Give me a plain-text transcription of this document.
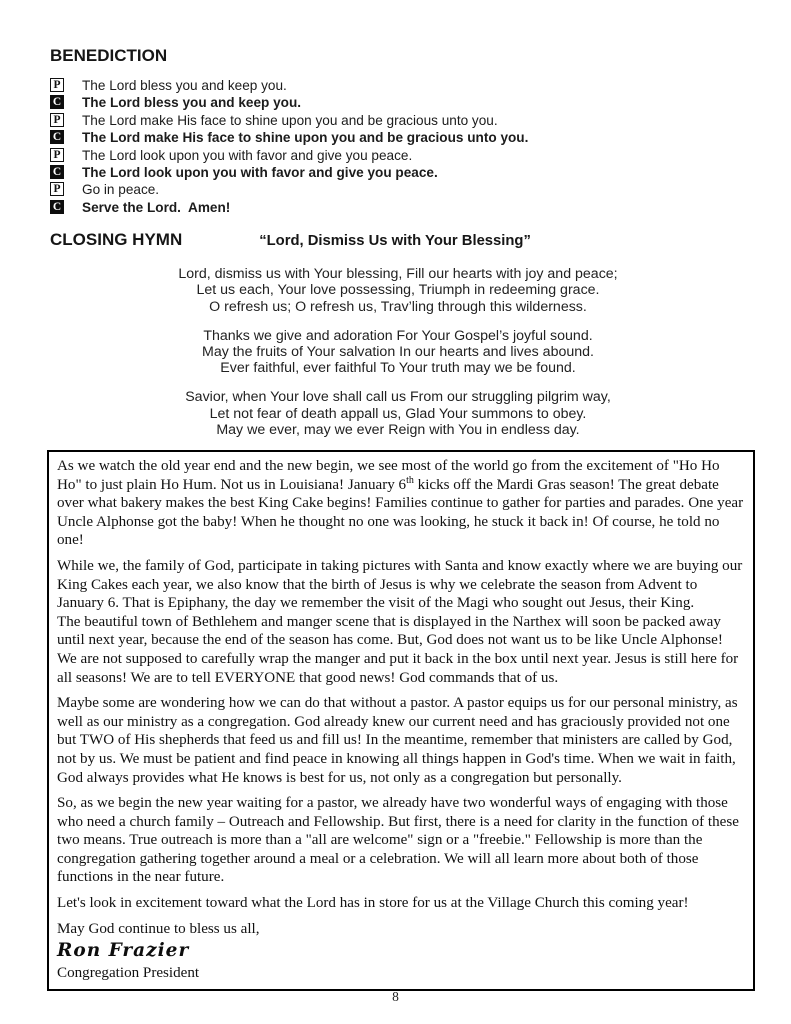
BENEDICTION
P The Lord bless you and keep you.
C The Lord bless you and keep you.
P The Lord make His face to shine upon you and be gracious unto you.
C The Lord make His face to shine upon you and be gracious unto you.
P The Lord look upon you with favor and give you peace.
C The Lord look upon you with favor and give you peace.
P Go in peace.
C Serve the Lord.  Amen!
CLOSING HYMN	“Lord, Dismiss Us with Your Blessing”
Lord, dismiss us with Your blessing, Fill our hearts with joy and peace;
Let us each, Your love possessing, Triumph in redeeming grace.
O refresh us; O refresh us, Trav’ling through this wilderness.
Thanks we give and adoration For Your Gospel’s joyful sound.
May the fruits of Your salvation In our hearts and lives abound.
Ever faithful, ever faithful To Your truth may we be found.
Savior, when Your love shall call us From our struggling pilgrim way,
Let not fear of death appall us, Glad Your summons to obey.
May we ever, may we ever Reign with You in endless day.

As we watch the old year end and the new begin, we see most of the world go from the excitement of "Ho Ho Ho" to just plain Ho Hum. Not us in Louisiana! January 6th kicks off the Mardi Gras season! The great debate over what bakery makes the best King Cake begins! Families continue to gather for parties and parades. One year Uncle Alphonse got the baby! When he thought no one was looking, he stuck it back in! Of course, he told no one!

While we, the family of God, participate in taking pictures with Santa and know exactly where we are buying our King Cakes each year, we also know that the birth of Jesus is why we celebrate the season from Advent to January 6. That is Epiphany, the day we remember the visit of the Magi who sought out Jesus, their King.
The beautiful town of Bethlehem and manger scene that is displayed in the Narthex will soon be packed away until next year, because the end of the season has come. But, God does not want us to be like Uncle Alphonse! We are not supposed to carefully wrap the manger and put it back in the box until next year. Jesus is still here for all seasons! We are to tell EVERYONE that good news! God commands that of us.

Maybe some are wondering how we can do that without a pastor. A pastor equips us for our personal ministry, as well as our ministry as a congregation. God already knew our current need and has graciously provided not one but TWO of His shepherds that feed us and fill us! In the meantime, remember that ministers are called by God, not by us. We must be patient and find peace in knowing all things happen in God's time. When we wait in faith, God always provides what He knows is best for us, not only as a congregation but personally.

So, as we begin the new year waiting for a pastor, we already have two wonderful ways of engaging with those who need a church family – Outreach and Fellowship. But first, there is a need for clarity in the function of these two means. True outreach is more than a "all are welcome" sign or a "freebie." Fellowship is more than the congregation gathering together around a meal or a celebration. We will all learn more about both of those functions in the near future.

Let's look in excitement toward what the Lord has in store for us at the Village Church this coming year!

May God continue to bless us all,

Ron Frazier
Congregation President
8
